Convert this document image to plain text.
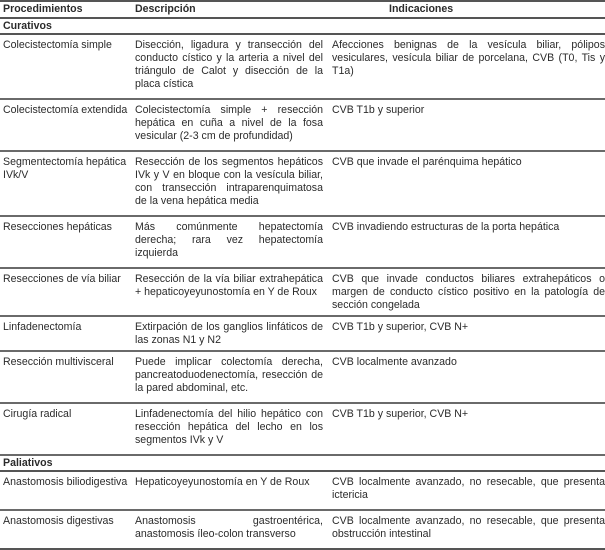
Procedimientos	Descripción	Indicaciones
Curativos		
Colecistectomía simple	Disección, ligadura y transección del conducto cístico y la arteria a nivel del triángulo de Calot y disección de la placa cística	Afecciones benignas de la vesícula biliar, pólipos vesiculares, vesícula biliar de porcelana, CVB (T0, Tis y T1a)
Colecistectomía extendida	Colecistectomía simple + resección hepática en cuña a nivel de la fosa vesicular (2-3 cm de profundidad)	CVB T1b y superior
Segmentectomía hepática IVk/V	Resección de los segmentos hepáticos IVk y V en bloque con la vesícula biliar, con transección intraparenquimatosa de la vena hepática media	CVB que invade el parénquima hepático
Resecciones hepáticas	Más comúnmente hepatectomía derecha; rara vez hepatectomía izquierda	CVB invadiendo estructuras de la porta hepática
Resecciones de vía biliar	Resección de la vía biliar extrahepática + hepaticoyeyunostomía en Y de Roux	CVB que invade conductos biliares extrahepáticos o margen de conducto cístico positivo en la patología de sección congelada
Linfadenectomía	Extirpación de los ganglios linfáticos de las zonas N1 y N2	CVB T1b y superior, CVB N+
Resección multivisceral	Puede implicar colectomía derecha, pancreatoduodenectomía, resección de la pared abdominal, etc.	CVB localmente avanzado
Cirugía radical	Linfadenectomía del hilio hepático con resección hepática del lecho en los segmentos IVk y V	CVB T1b y superior, CVB N+
Paliativos		
Anastomosis biliodigestiva	Hepaticoyeyunostomía en Y de Roux	CVB localmente avanzado, no resecable, que presenta ictericia
Anastomosis digestivas	Anastomosis gastroentérica, anastomosis íleo-colon transverso	CVB localmente avanzado, no resecable, que presenta obstrucción intestinal
